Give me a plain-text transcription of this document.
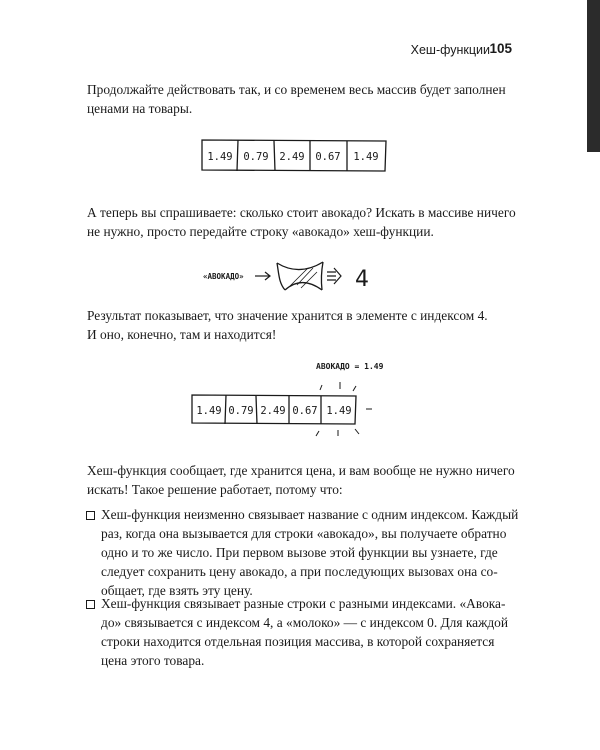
Хеш-функции 105
Продолжайте действовать так, и со временем весь массив будет заполнен
ценами на товары.
1.49 0.79 2.49 0.67 1.49
А теперь вы спрашиваете: сколько стоит авокадо? Искать в массиве ничего
не нужно, просто передайте строку «авокадо» хеш-функции.
«АВОКАДО»	4
Результат показывает, что значение хранится в элементе с индексом 4.
И оно, конечно, там и находится!
АВОКАДО = 1.49
1.49 0.79 2.49 0.67 1.49
Хеш-функция сообщает, где хранится цена, и вам вообще не нужно ничего
искать! Такое решение работает, потому что:
Хеш-функция неизменно связывает название с одним индексом. Каждый
раз, когда она вызывается для строки «авокадо», вы получаете обратно
одно и то же число. При первом вызове этой функции вы узнаете, где
следует сохранить цену авокадо, а при последующих вызовах она со-
общает, где взять эту цену.
Хеш-функция связывает разные строки с разными индексами. «Авока-
до» связывается с индексом 4, а «молоко» — с индексом 0. Для каждой
строки находится отдельная позиция массива, в которой сохраняется
цена этого товара.
